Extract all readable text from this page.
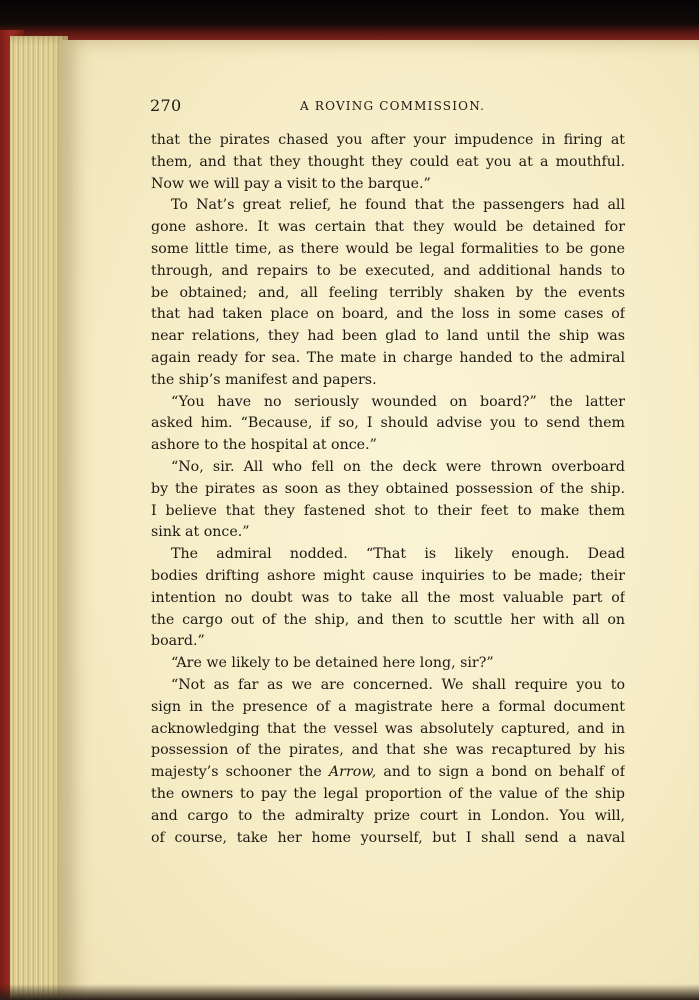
270	A ROVING COMMISSION.
that the pirates chased you after your impudence in firing at
them, and that they thought they could eat you at a mouthful.
Now we will pay a visit to the barque.”
To Nat’s great relief, he found that the passengers had all
gone ashore. It was certain that they would be detained for
some little time, as there would be legal formalities to be gone
through, and repairs to be executed, and additional hands to
be obtained; and, all feeling terribly shaken by the events
that had taken place on board, and the loss in some cases of
near relations, they had been glad to land until the ship was
again ready for sea. The mate in charge handed to the admiral
the ship’s manifest and papers.
“You have no seriously wounded on board?” the latter
asked him. “Because, if so, I should advise you to send them
ashore to the hospital at once.”
“No, sir. All who fell on the deck were thrown overboard
by the pirates as soon as they obtained possession of the ship.
I believe that they fastened shot to their feet to make them
sink at once.”
The admiral nodded. “That is likely enough. Dead
bodies drifting ashore might cause inquiries to be made; their
intention no doubt was to take all the most valuable part of
the cargo out of the ship, and then to scuttle her with all on
board.”
“Are we likely to be detained here long, sir?”
“Not as far as we are concerned. We shall require you to
sign in the presence of a magistrate here a formal document
acknowledging that the vessel was absolutely captured, and in
possession of the pirates, and that she was recaptured by his
majesty’s schooner the Arrow, and to sign a bond on behalf of
the owners to pay the legal proportion of the value of the ship
and cargo to the admiralty prize court in London. You will,
of course, take her home yourself, but I shall send a naval
